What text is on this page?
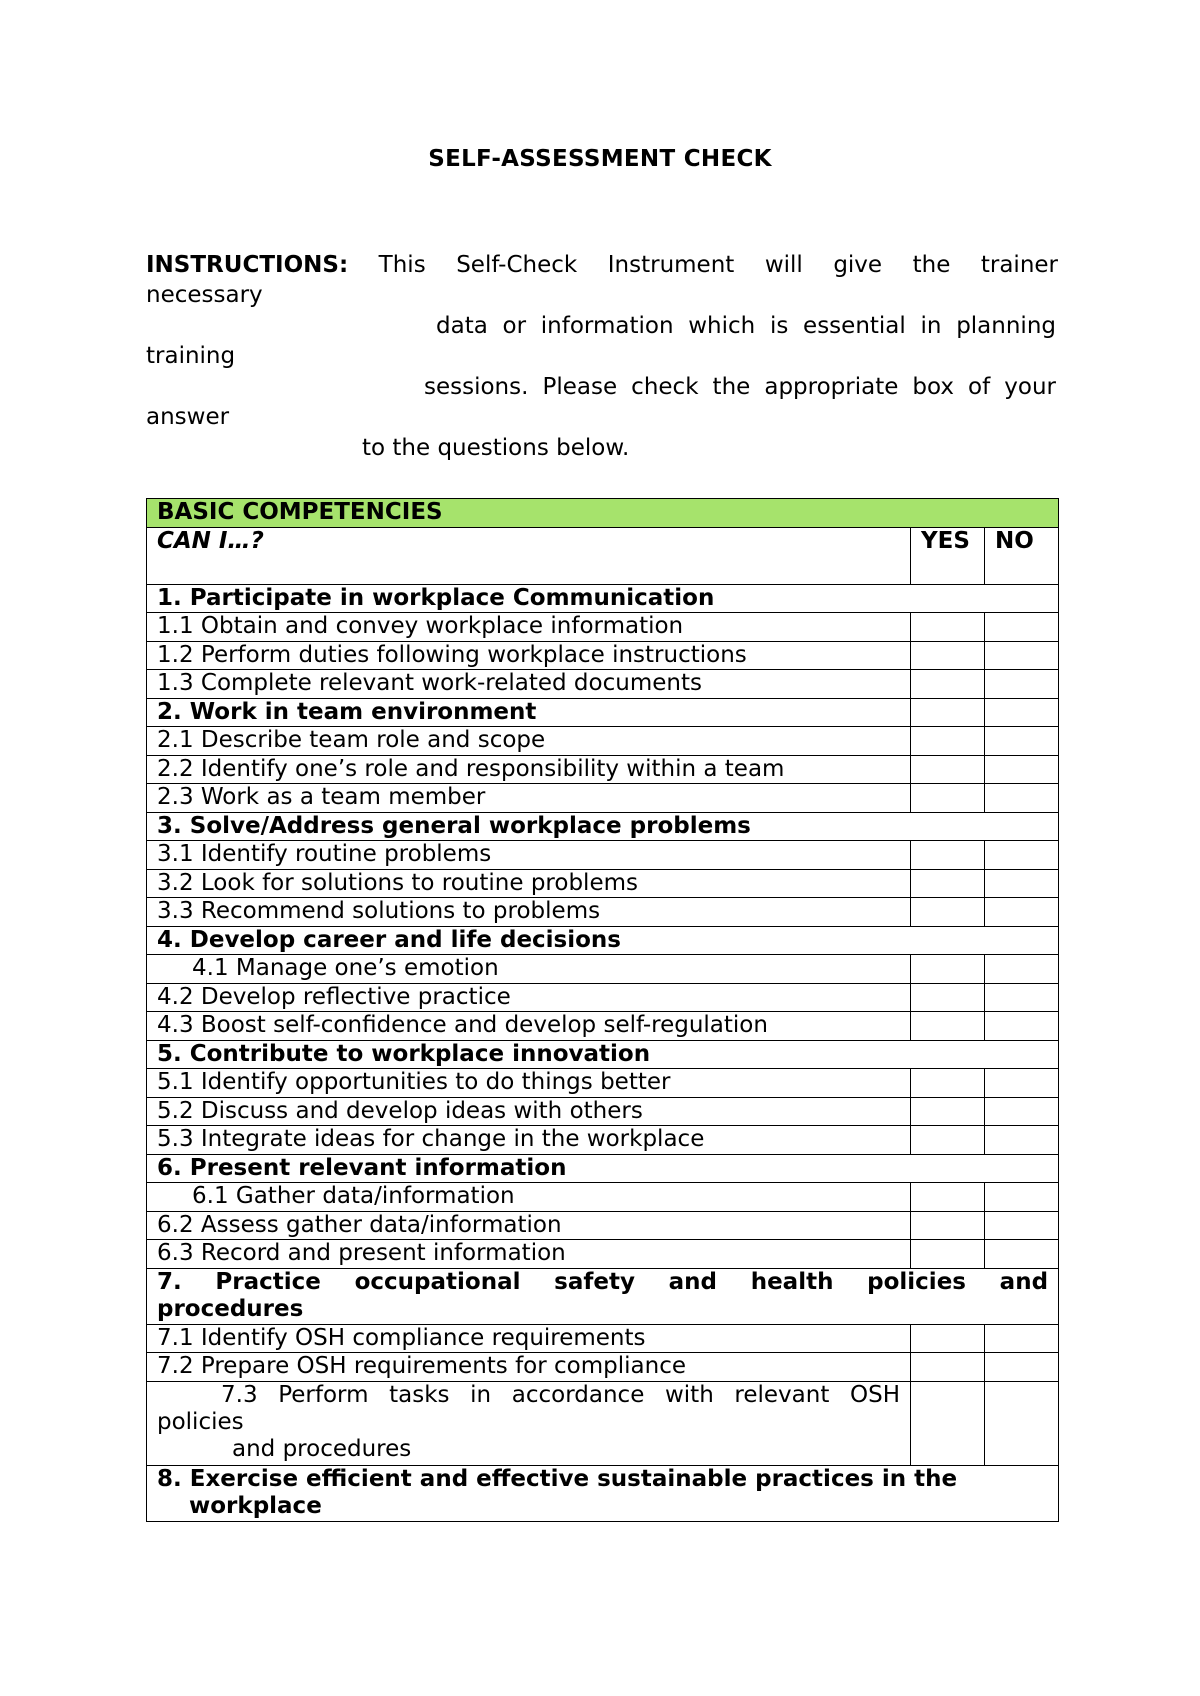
SELF-ASSESSMENT CHECK
INSTRUCTIONS: This Self-Check Instrument will give the trainer
necessary
data or information which is essential in planning
training
sessions. Please check the appropriate box of your
answer
to the questions below.
BASIC COMPETENCIES		
CAN I…?	YES	NO
1. Participate in workplace Communication		
1.1 Obtain and convey workplace information		
1.2 Perform duties following workplace instructions		
1.3 Complete relevant work-related documents		
2. Work in team environment		
2.1 Describe team role and scope		
2.2 Identify one’s role and responsibility within a team		
2.3 Work as a team member		
3. Solve/Address general workplace problems		
3.1 Identify routine problems		
3.2 Look for solutions to routine problems		
3.3 Recommend solutions to problems		
4. Develop career and life decisions		
4.1 Manage one’s emotion		
4.2 Develop reflective practice		
4.3 Boost self-confidence and develop self-regulation		
5. Contribute to workplace innovation		
5.1 Identify opportunities to do things better		
5.2 Discuss and develop ideas with others		
5.3 Integrate ideas for change in the workplace		
6. Present relevant information		
6.1 Gather data/information		
6.2 Assess gather data/information		
6.3 Record and present information		

7. Practice occupational safety and health policies and
procedures		

7.1 Identify OSH compliance requirements		
7.2 Prepare OSH requirements for compliance		

7.3 Perform tasks in accordance with relevant OSH
policies
and procedures		

8. Exercise efficient and effective sustainable practices in the
workplace		
